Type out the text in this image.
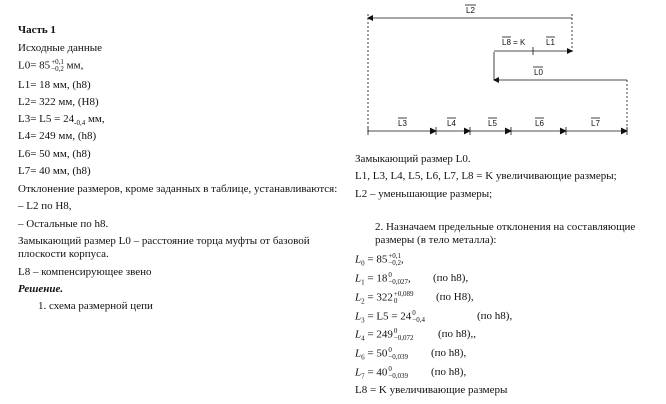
Часть 1
Исходные данные
L0= 85 +0,1
−0,2 мм,
L1= 18 мм, (h8)
L2= 322 мм, (H8)
$L3= L5 = 24_{-0,4}$ мм,
L4= 249 мм, (h8)
L6= 50 мм, (h8)
L7= 40 мм, (h8)
Отклонение размеров, кроме заданных в таблице, устанавливаются:
– L2 по H8,
– Остальные по h8.
Замыкающий размер L0 – расстояние торца муфты от базовой плоскости корпуса.
L8 – компенсирующее звено
Решение.
1. схема размерной цепи
L2
L8 = K	L1
L0
L3	L4	L5	L6	L7
Замыкающий размер L0.
L1, L3, L4, L5, L6, L7, L8 = K увеличивающие размеры;
L2 – уменьшающие размеры;
2. Назначаем предельные отклонения на составляющие размеры (в тело металла):
$L_0 = 85 +0,1$
−0,2 ,
$L_1 = 18$ 0
−0,027 , (по h8),
$L_2 = 322 +0,089$
0	(по H8),
$L_3 = L5 = 24$ 0
−0,4	(по h8),
$L_4 = 249$ 0
−0,072 (по h8),,
$L_6 = 50$ 0
−0,039 (по h8),
$L_7 = 40$ 0
−0,039 (по h8),
L8 = K увеличивающие размеры
